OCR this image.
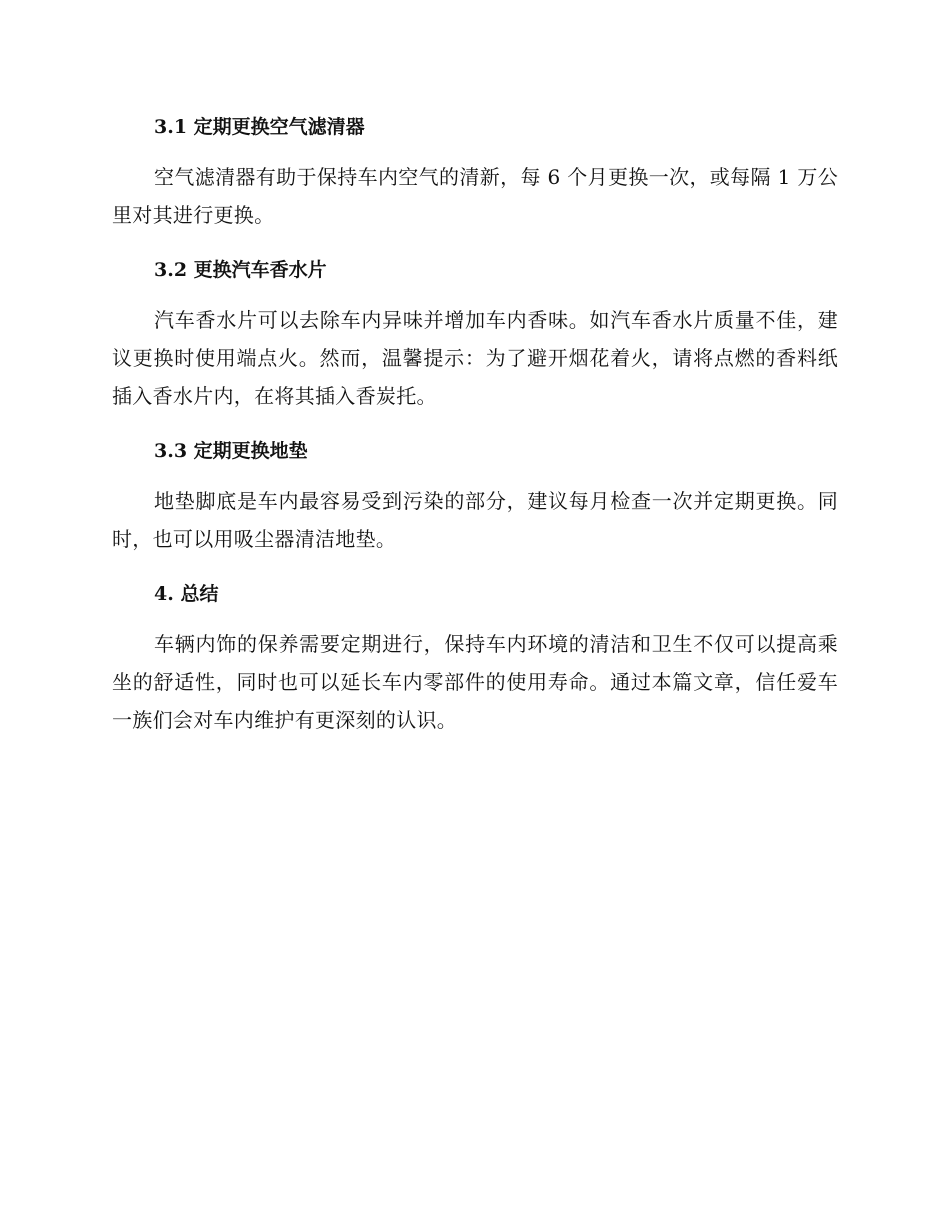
3.1 定期更换空气滤清器

空气滤清器有助于保持车内空气的清新，每 6 个月更换一次，或每隔 1 万公里对其进行更换。

3.2 更换汽车香水片

汽车香水片可以去除车内异味并增加车内香味。如汽车香水片质量不佳，建议更换时使用端点火。然而，温馨提示：为了避开烟花着火，请将点燃的香料纸插入香水片内，在将其插入香炭托。

3.3 定期更换地垫

地垫脚底是车内最容易受到污染的部分，建议每月检查一次并定期更换。同时，也可以用吸尘器清洁地垫。

4. 总结

车辆内饰的保养需要定期进行，保持车内环境的清洁和卫生不仅可以提高乘坐的舒适性，同时也可以延长车内零部件的使用寿命。通过本篇文章，信任爱车一族们会对车内维护有更深刻的认识。
